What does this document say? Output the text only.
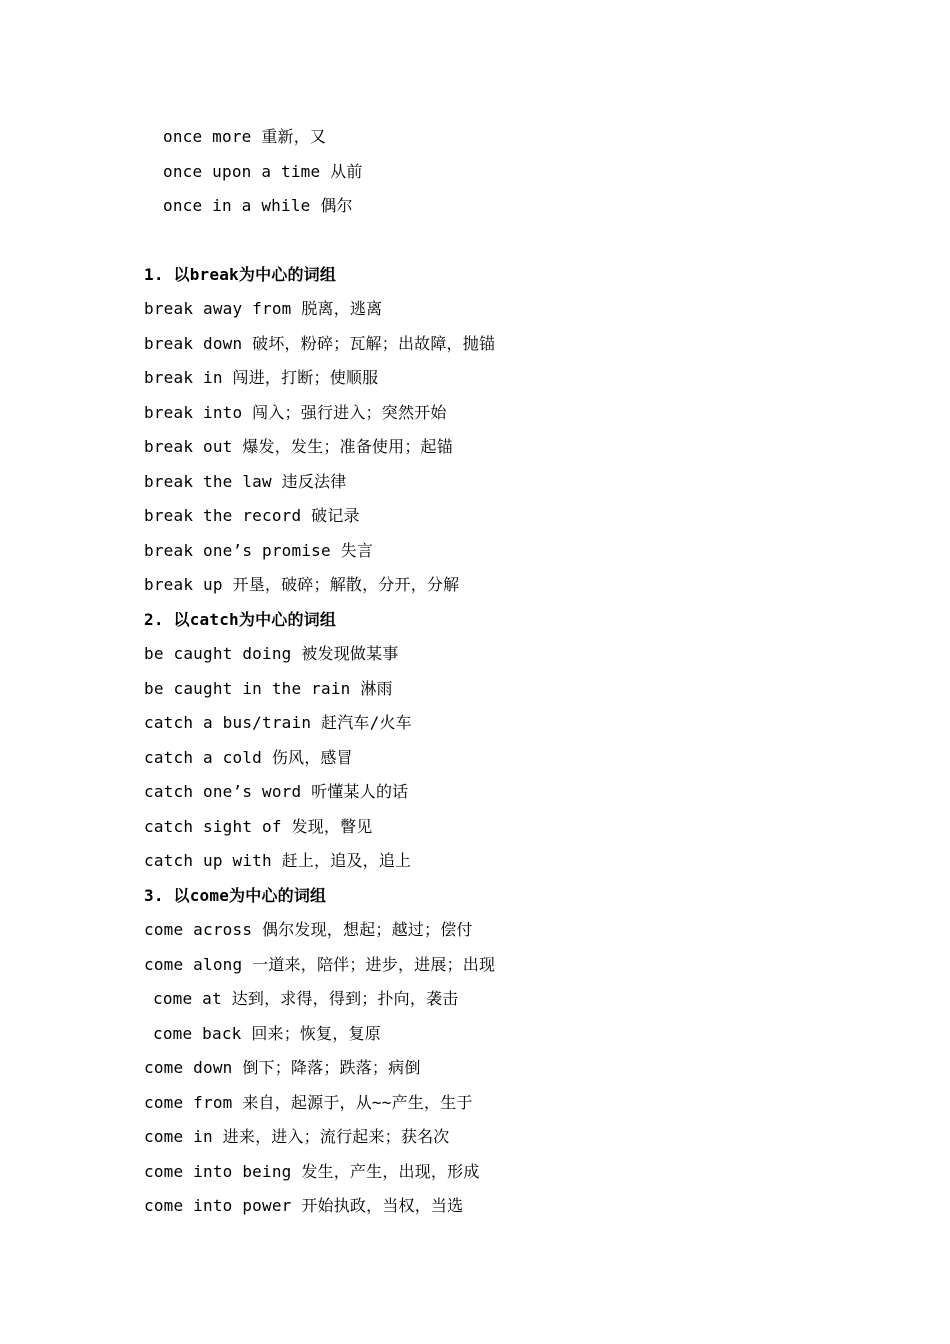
once more 重新，又
once upon a time 从前
once in a while 偶尔
1. 以break为中心的词组
break away from 脱离，逃离
break down 破坏，粉碎；瓦解；出故障，抛锚
break in 闯进，打断；使顺服
break into 闯入；强行进入；突然开始
break out 爆发，发生；准备使用；起锚
break the law 违反法律
break the record 破记录
break one’s promise 失言
break up 开垦，破碎；解散，分开，分解
2. 以catch为中心的词组
be caught doing 被发现做某事
be caught in the rain 淋雨
catch a bus/train 赶汽车/火车
catch a cold 伤风，感冒
catch one’s word 听懂某人的话
catch sight of 发现，瞥见
catch up with 赶上，追及，追上
3. 以come为中心的词组
come across 偶尔发现，想起；越过；偿付
come along 一道来，陪伴；进步，进展；出现
come at 达到，求得，得到；扑向，袭击
come back 回来；恢复，复原
come down 倒下；降落；跌落；病倒
come from 来自，起源于，从~~产生，生于
come in 进来，进入；流行起来；获名次
come into being 发生，产生，出现，形成
come into power 开始执政，当权，当选
